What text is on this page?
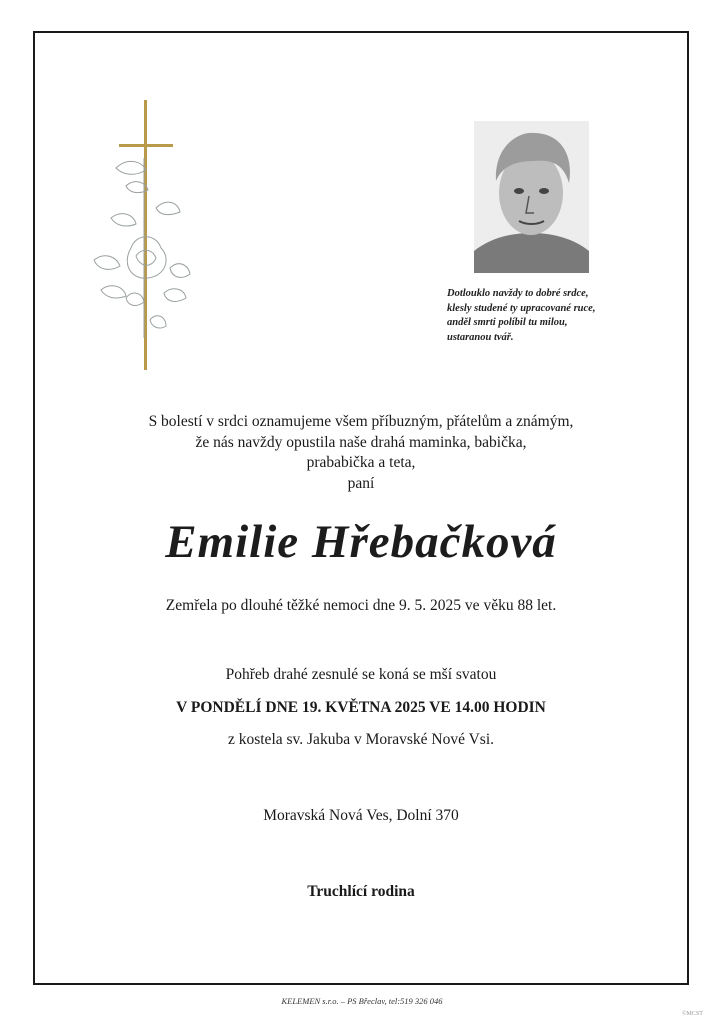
Dotlouklo navždy to dobré srdce,
klesly studené ty upracované ruce,
anděl smrti políbil tu milou,
ustaranou tvář.
S bolestí v srdci oznamujeme všem příbuzným, přátelům a známým,
že nás navždy opustila naše drahá maminka, babička,
prababička a teta,
paní
Emilie Hřebačková
Zemřela po dlouhé těžké nemoci dne 9. 5. 2025 ve věku 88 let.
Pohřeb drahé zesnulé se koná se mší svatou
V PONDĚLÍ DNE 19. KVĚTNA 2025 VE 14.00 HODIN
z kostela sv. Jakuba v Moravské Nové Vsi.
Moravská Nová Ves, Dolní 370
Truchlící rodina
KELEMEN s.r.o. – PS Břeclav, tel:519 326 046
©MCST
